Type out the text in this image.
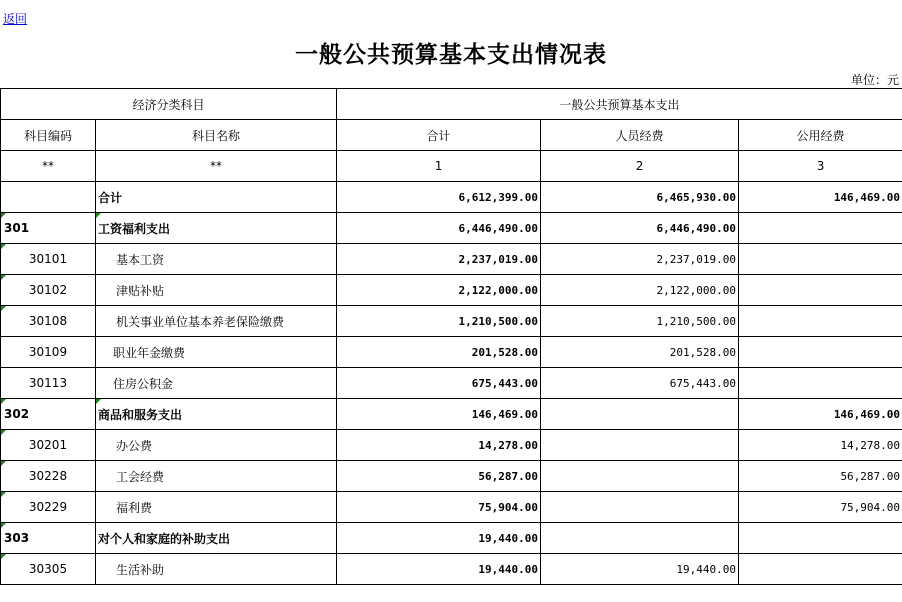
返回
一般公共预算基本支出情况表
单位：元
经济分类科目		一般公共预算基本支出		
科目编码	科目名称	合计	人员经费	公用经费
**	**	1	2	3
	合计	6,612,399.00	6,465,930.00	146,469.00
301	工资福利支出	6,446,490.00	6,446,490.00	
30101	基本工资	2,237,019.00	2,237,019.00	
30102	津贴补贴	2,122,000.00	2,122,000.00	
30108	机关事业单位基本养老保险缴费	1,210,500.00	1,210,500.00	
30109	职业年金缴费	201,528.00	201,528.00	
30113	住房公积金	675,443.00	675,443.00	
302	商品和服务支出	146,469.00		146,469.00
30201	办公费	14,278.00		14,278.00
30228	工会经费	56,287.00		56,287.00
30229	福利费	75,904.00		75,904.00
303	对个人和家庭的补助支出	19,440.00		
30305	生活补助	19,440.00	19,440.00	
